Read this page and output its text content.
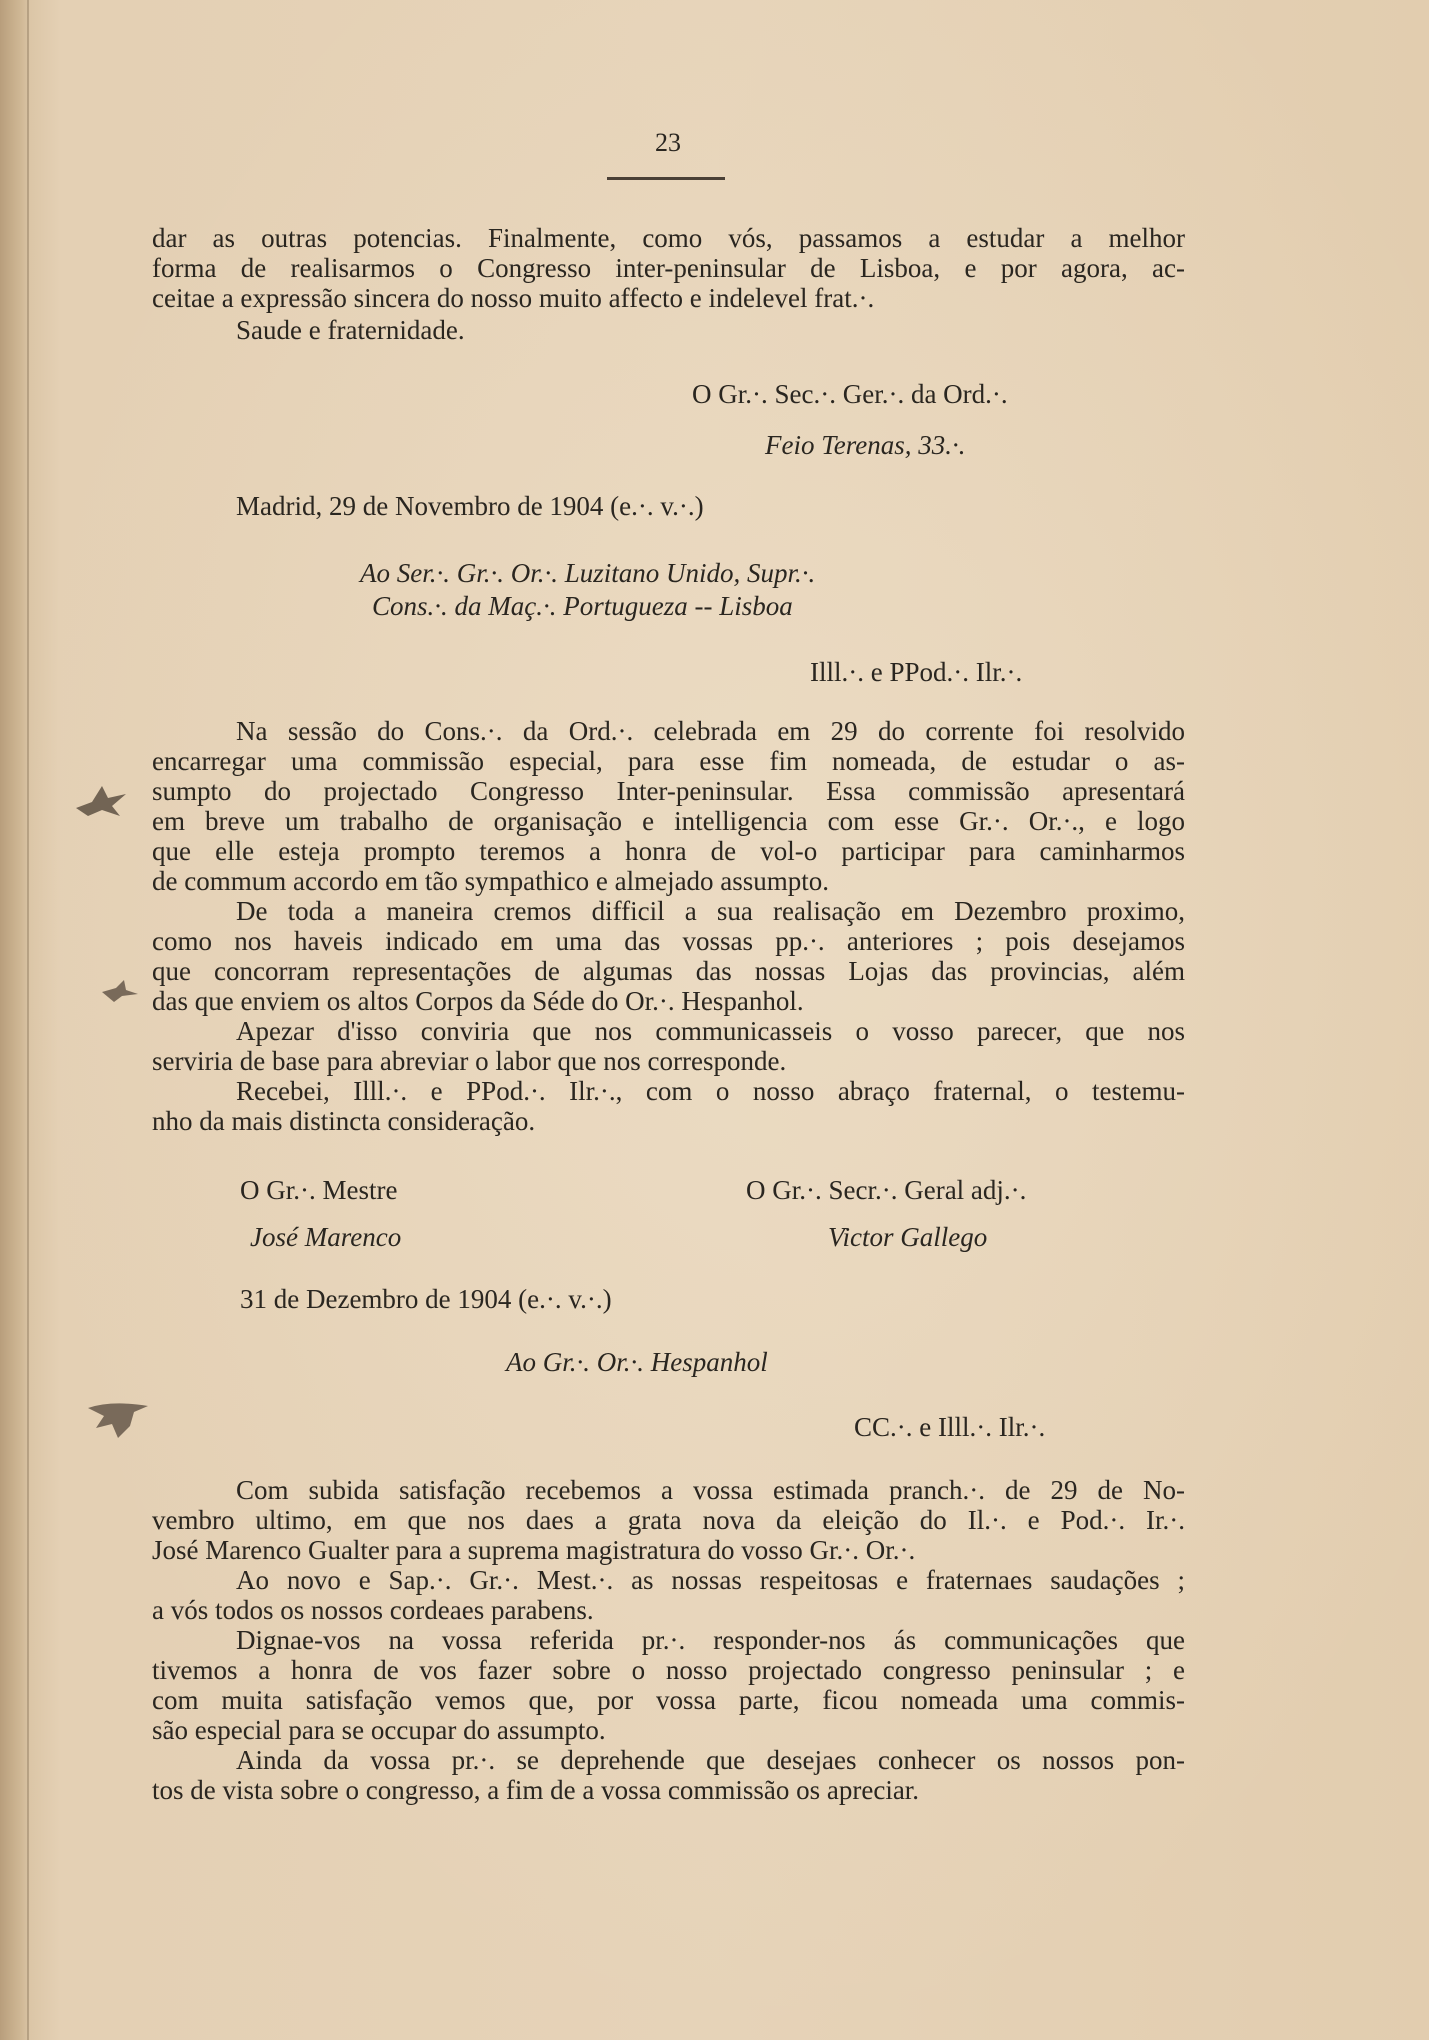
23
dar as outras potencias. Finalmente, como vós, passamos a estudar a melhor
forma de realisarmos o Congresso inter-peninsular de Lisboa, e por agora, ac-
ceitae a expressão sincera do nosso muito affecto e indelevel frat.·.
Saude e fraternidade.
O Gr.·. Sec.·. Ger.·. da Ord.·.
Feio Terenas, 33.·.
Madrid, 29 de Novembro de 1904 (e.·. v.·.)
Ao Ser.·. Gr.·. Or.·. Luzitano Unido, Supr.·.
Cons.·. da Maç.·. Portugueza -- Lisboa
Illl.·. e PPod.·. Ilr.·.
Na sessão do Cons.·. da Ord.·. celebrada em 29 do corrente foi resolvido
encarregar uma commissão especial, para esse fim nomeada, de estudar o as-
sumpto do projectado Congresso Inter-peninsular. Essa commissão apresentará
em breve um trabalho de organisação e intelligencia com esse Gr.·. Or.·., e logo
que elle esteja prompto teremos a honra de vol-o participar para caminharmos
de commum accordo em tão sympathico e almejado assumpto.
De toda a maneira cremos difficil a sua realisação em Dezembro proximo,
como nos haveis indicado em uma das vossas pp.·. anteriores ; pois desejamos
que concorram representações de algumas das nossas Lojas das provincias, além
das que enviem os altos Corpos da Séde do Or.·. Hespanhol.
Apezar d'isso conviria que nos communicasseis o vosso parecer, que nos
serviria de base para abreviar o labor que nos corresponde.
Recebei, Illl.·. e PPod.·. Ilr.·., com o nosso abraço fraternal, o testemu-
nho da mais distincta consideração.
O Gr.·. Mestre
José Marenco
O Gr.·. Secr.·. Geral adj.·.
Victor Gallego
31 de Dezembro de 1904 (e.·. v.·.)
Ao Gr.·. Or.·. Hespanhol
CC.·. e Illl.·. Ilr.·.
Com subida satisfação recebemos a vossa estimada pranch.·. de 29 de No-
vembro ultimo, em que nos daes a grata nova da eleição do Il.·. e Pod.·. Ir.·.
José Marenco Gualter para a suprema magistratura do vosso Gr.·. Or.·.
Ao novo e Sap.·. Gr.·. Mest.·. as nossas respeitosas e fraternaes saudações ;
a vós todos os nossos cordeaes parabens.
Dignae-vos na vossa referida pr.·. responder-nos ás communicações que
tivemos a honra de vos fazer sobre o nosso projectado congresso peninsular ; e
com muita satisfação vemos que, por vossa parte, ficou nomeada uma commis-
são especial para se occupar do assumpto.
Ainda da vossa pr.·. se deprehende que desejaes conhecer os nossos pon-
tos de vista sobre o congresso, a fim de a vossa commissão os apreciar.
